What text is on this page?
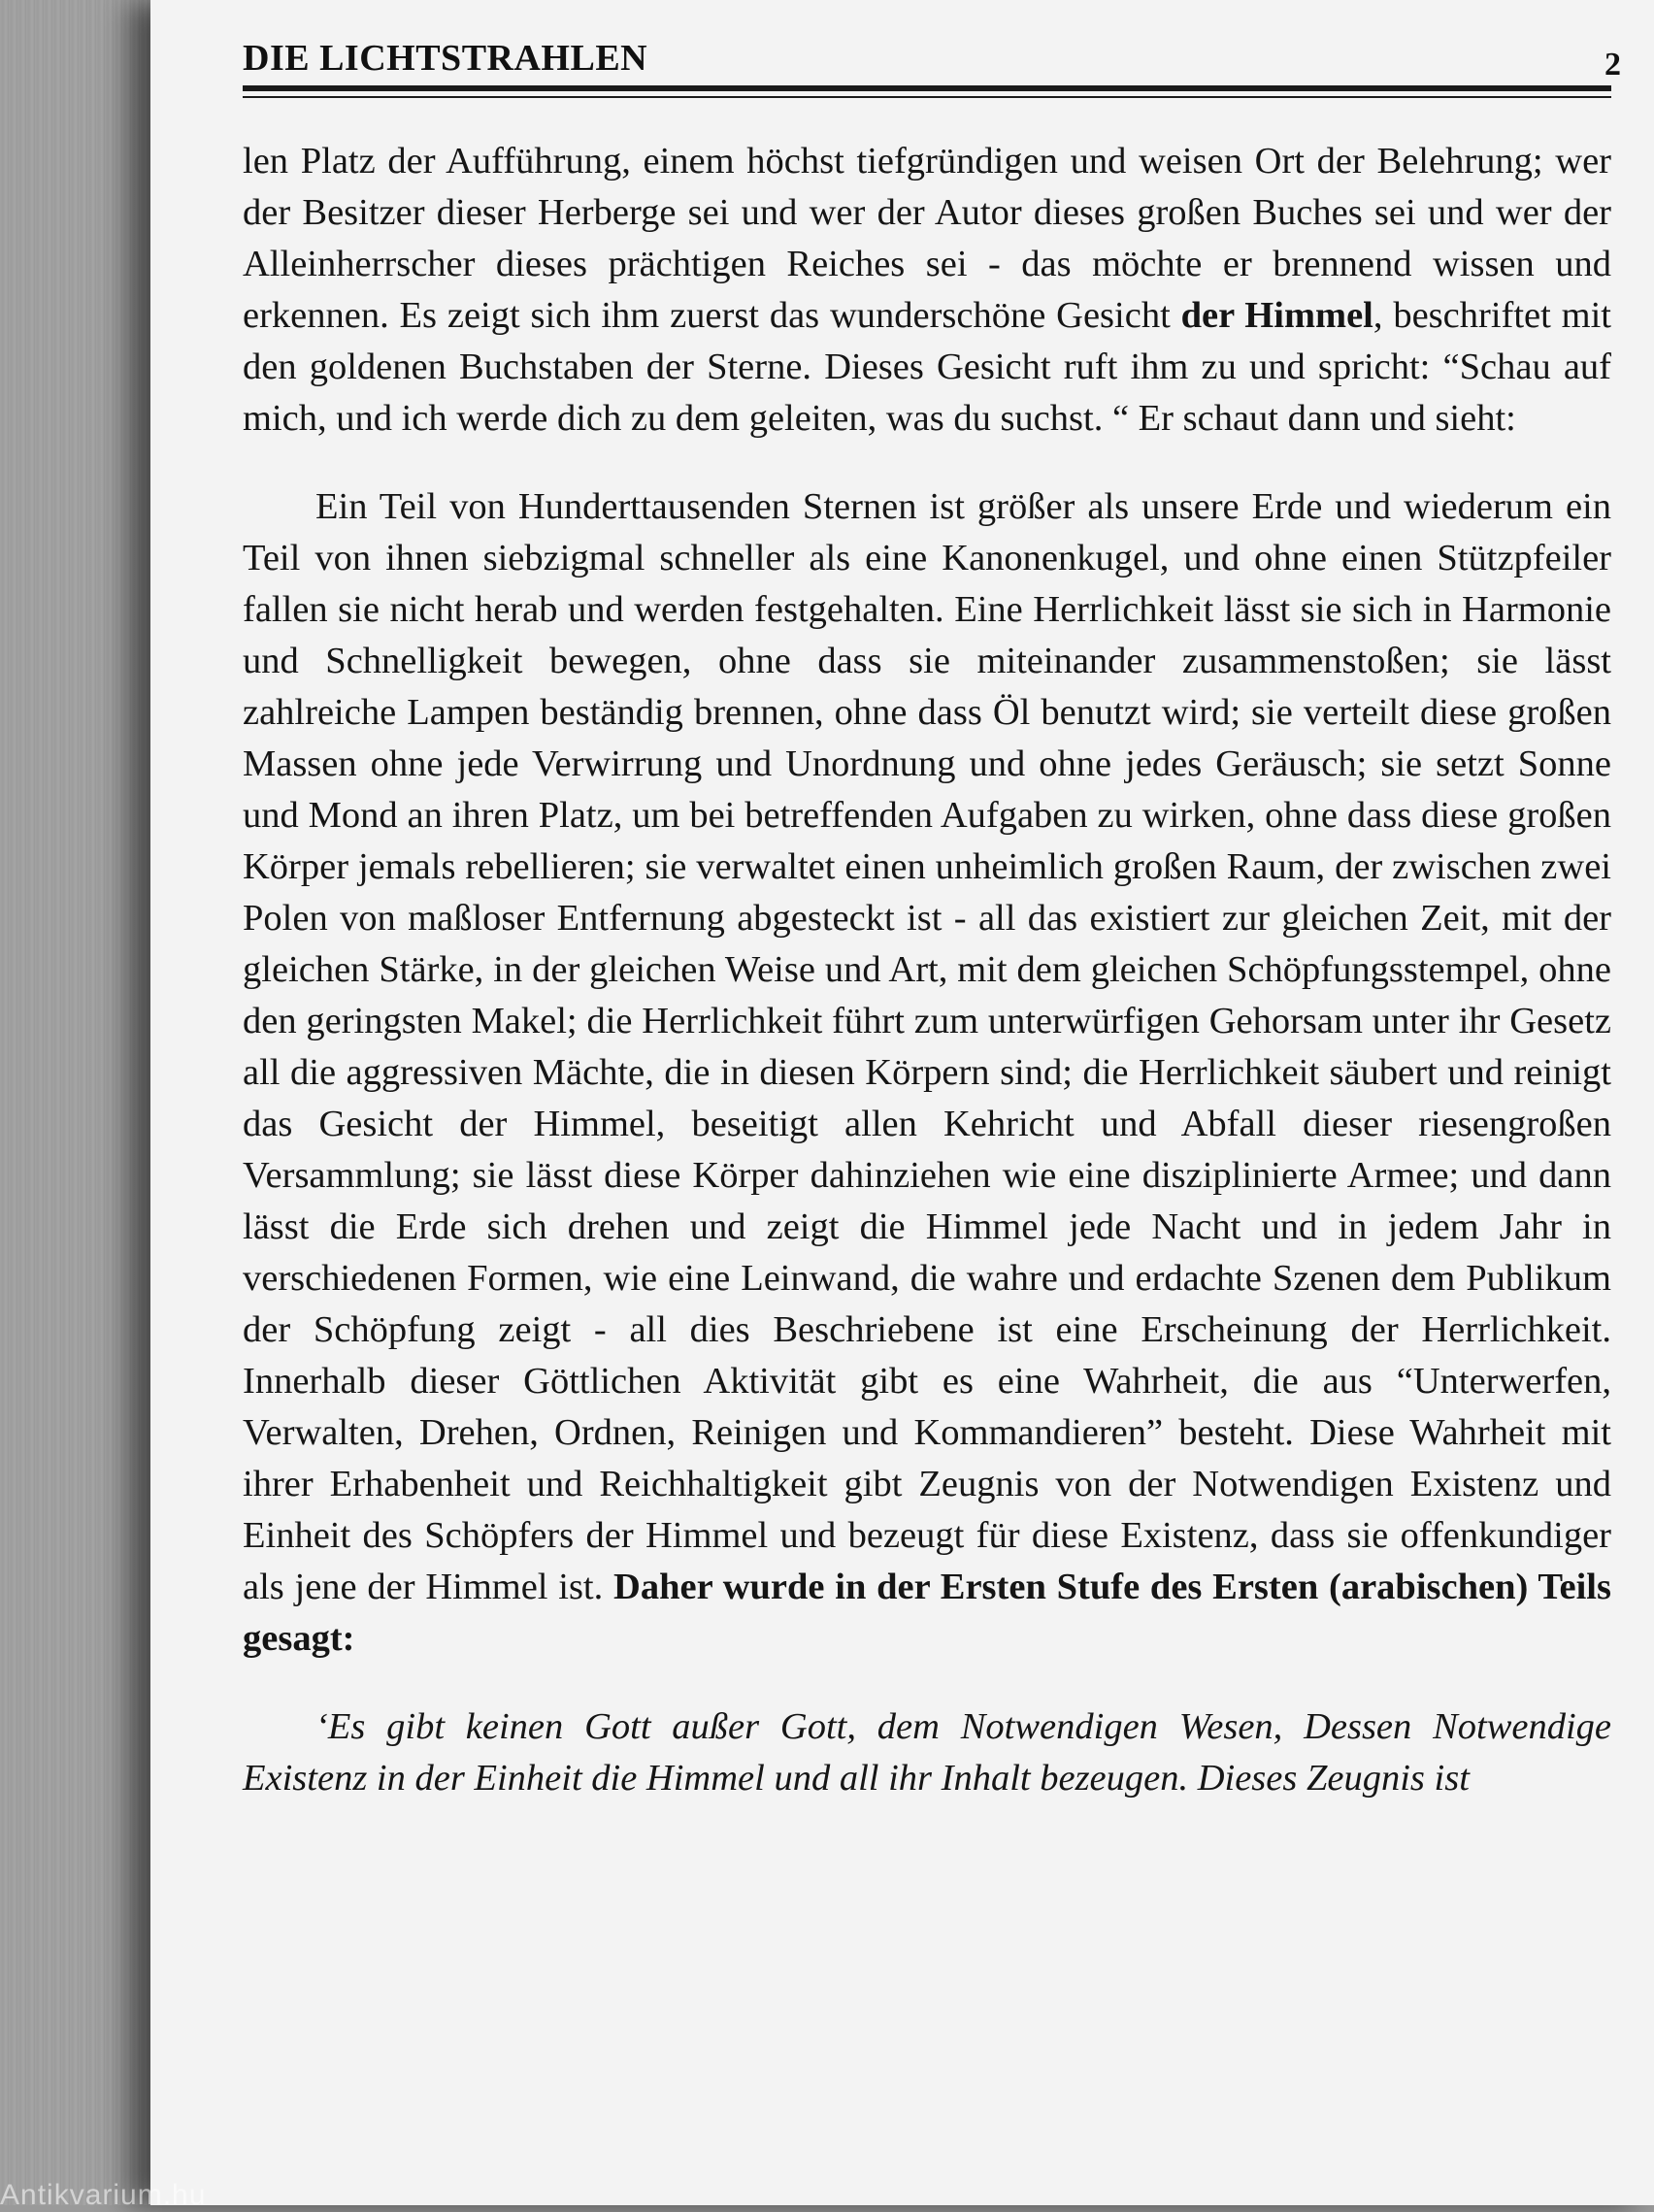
DIE LICHTSTRAHLEN	2

len Platz der Aufführung, einem höchst tiefgründigen und weisen Ort der Belehrung; wer der Besitzer dieser Herberge sei und wer der Autor dieses großen Buches sei und wer der Alleinherrscher dieses prächtigen Reiches sei - das möchte er brennend wissen und erkennen. Es zeigt sich ihm zuerst das wunderschöne Gesicht der Himmel, beschriftet mit den goldenen Buchstaben der Sterne. Dieses Gesicht ruft ihm zu und spricht: “Schau auf mich, und ich werde dich zu dem geleiten, was du suchst. “ Er schaut dann und sieht:

Ein Teil von Hunderttausenden Sternen ist größer als unsere Erde und wiederum ein Teil von ihnen siebzigmal schneller als eine Kanonenkugel, und ohne einen Stützpfeiler fallen sie nicht herab und werden festgehalten. Eine Herrlichkeit lässt sie sich in Harmonie und Schnelligkeit bewegen, ohne dass sie miteinander zusammenstoßen; sie lässt zahlreiche Lampen beständig brennen, ohne dass Öl benutzt wird; sie verteilt diese großen Massen ohne jede Verwirrung und Unordnung und ohne jedes Geräusch; sie setzt Sonne und Mond an ihren Platz, um bei betreffenden Aufgaben zu wirken, ohne dass diese großen Körper jemals rebellieren; sie verwaltet einen unheimlich großen Raum, der zwischen zwei Polen von maßloser Entfernung abgesteckt ist - all das existiert zur gleichen Zeit, mit der gleichen Stärke, in der gleichen Weise und Art, mit dem gleichen Schöpfungsstempel, ohne den geringsten Makel; die Herrlichkeit führt zum unterwürfigen Gehorsam unter ihr Gesetz all die aggressiven Mächte, die in diesen Körpern sind; die Herrlichkeit säubert und reinigt das Gesicht der Himmel, beseitigt allen Kehricht und Abfall dieser riesengroßen Versammlung; sie lässt diese Körper dahinziehen wie eine disziplinierte Armee; und dann lässt die Erde sich drehen und zeigt die Himmel jede Nacht und in jedem Jahr in verschiedenen Formen, wie eine Leinwand, die wahre und erdachte Szenen dem Publikum der Schöpfung zeigt - all dies Beschriebene ist eine Erscheinung der Herrlichkeit. Innerhalb dieser Göttlichen Aktivität gibt es eine Wahrheit, die aus “Unterwerfen, Verwalten, Drehen, Ordnen, Reinigen und Kommandieren” besteht. Diese Wahrheit mit ihrer Erhabenheit und Reichhaltigkeit gibt Zeugnis von der Notwendigen Existenz und Einheit des Schöpfers der Himmel und bezeugt für diese Existenz, dass sie offenkundiger als jene der Himmel ist. Daher wurde in der Ersten Stufe des Ersten (arabischen) Teils gesagt:

‘Es gibt keinen Gott außer Gott, dem Notwendigen Wesen, Dessen Notwendige Existenz in der Einheit die Himmel und all ihr Inhalt bezeugen. Dieses Zeugnis ist

Antikvarium.hu
